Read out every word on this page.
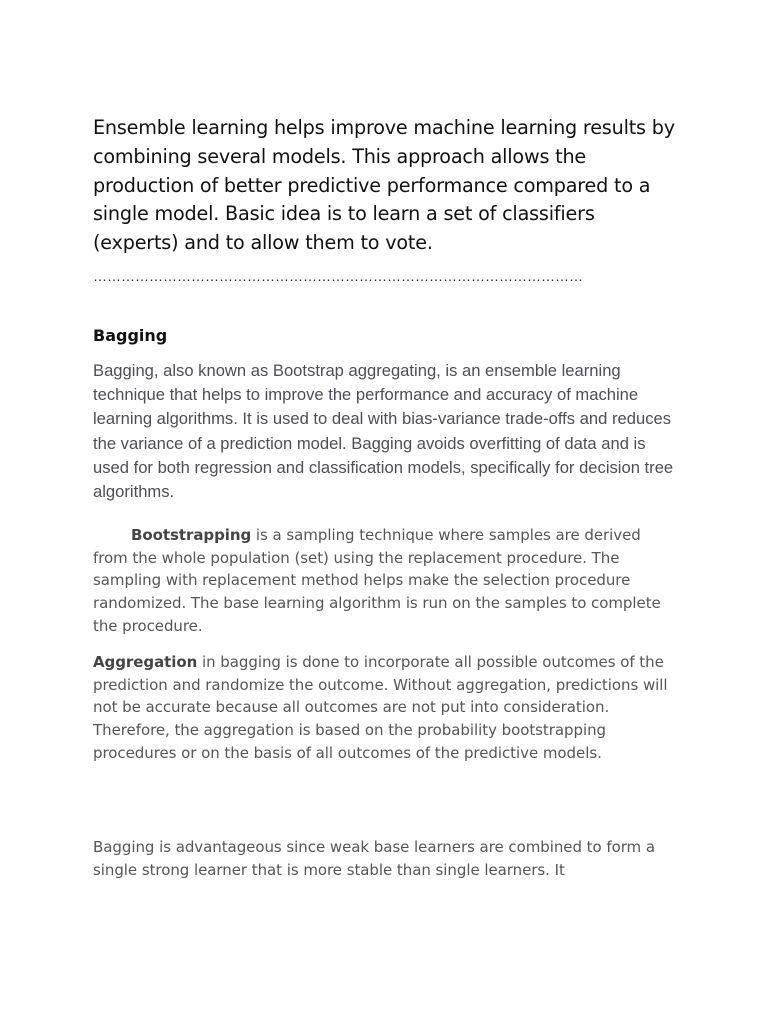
Ensemble learning helps improve machine learning results by combining several models. This approach allows the production of better predictive performance compared to a single model. Basic idea is to learn a set of classifiers (experts) and to allow them to vote.

……………………………………………………………………………………………
Bagging

Bagging, also known as Bootstrap aggregating, is an ensemble learning technique that helps to improve the performance and accuracy of machine learning algorithms. It is used to deal with bias-variance trade-offs and reduces the variance of a prediction model. Bagging avoids overfitting of data and is used for both regression and classification models, specifically for decision tree algorithms.

Bootstrapping is a sampling technique where samples are derived from the whole population (set) using the replacement procedure. The sampling with replacement method helps make the selection procedure randomized. The base learning algorithm is run on the samples to complete the procedure.

Aggregation in bagging is done to incorporate all possible outcomes of the prediction and randomize the outcome. Without aggregation, predictions will not be accurate because all outcomes are not put into consideration. Therefore, the aggregation is based on the probability bootstrapping procedures or on the basis of all outcomes of the predictive models.

Bagging is advantageous since weak base learners are combined to form a single strong learner that is more stable than single learners. It
